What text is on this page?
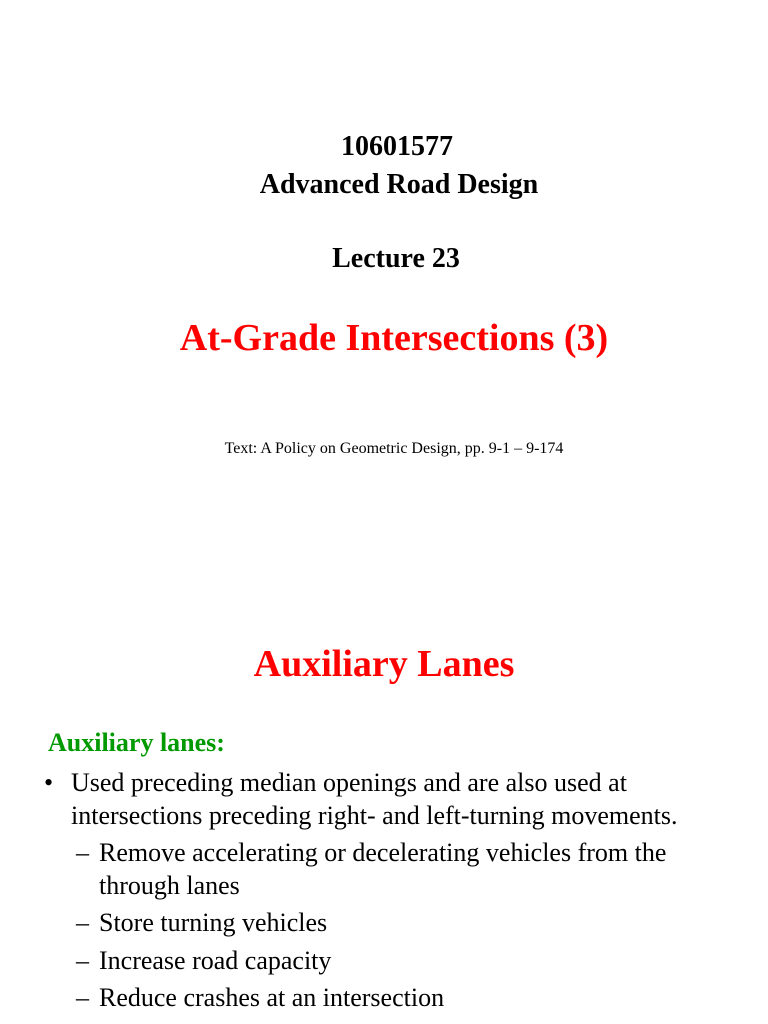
10601577
Advanced Road Design
Lecture 23
At-Grade Intersections (3)
Text: A Policy on Geometric Design, pp. 9-1 – 9-174
Auxiliary Lanes
Auxiliary lanes:
• Used preceding median openings and are also used at intersections preceding right- and left-turning movements.
– Remove accelerating or decelerating vehicles from the through lanes
– Store turning vehicles
– Increase road capacity
– Reduce crashes at an intersection
